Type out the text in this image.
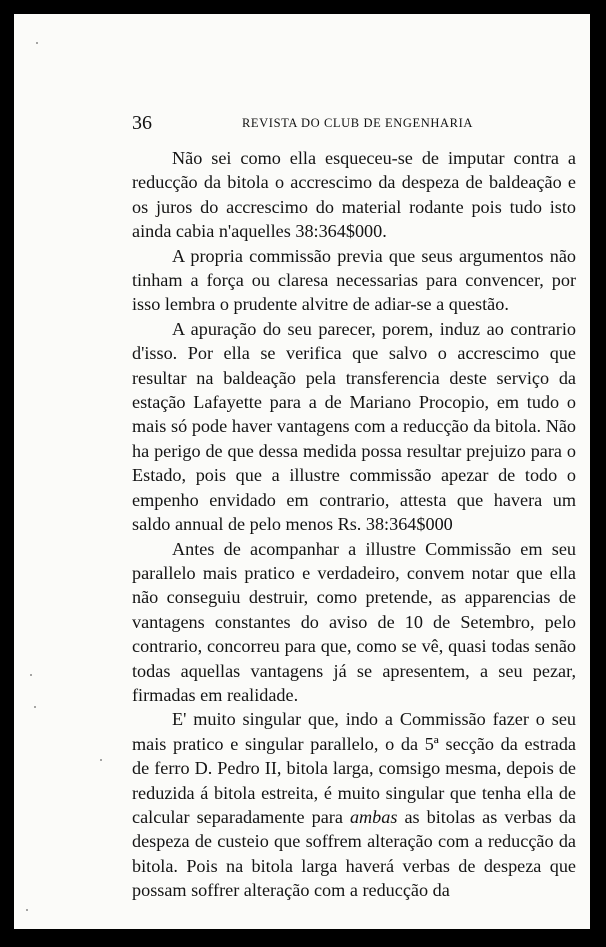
36	REVISTA DO CLUB DE ENGENHARIA

Não sei como ella esqueceu-se de imputar contra a reducção da bitola o accrescimo da despeza de baldeação e os juros do accrescimo do material rodante pois tudo isto ainda cabia n'aquelles 38:364$000.

A propria commissão previa que seus argumentos não tinham a força ou claresa necessarias para convencer, por isso lembra o prudente alvitre de adiar-se a questão.

A apuração do seu parecer, porem, induz ao contrario d'isso. Por ella se verifica que salvo o accrescimo que resultar na baldeação pela transferencia deste serviço da estação Lafayette para a de Mariano Procopio, em tudo o mais só pode haver vantagens com a reducção da bitola. Não ha perigo de que dessa medida possa resultar prejuizo para o Estado, pois que a illustre commissão apezar de todo o empenho envidado em contrario, attesta que havera um saldo annual de pelo menos Rs. 38:364$000

Antes de acompanhar a illustre Commissão em seu parallelo mais pratico e verdadeiro, convem notar que ella não conseguiu destruir, como pretende, as apparencias de vantagens constantes do aviso de 10 de Setembro, pelo contrario, concorreu para que, como se vê, quasi todas senão todas aquellas vantagens já se apresentem, a seu pezar, firmadas em realidade.

E' muito singular que, indo a Commissão fazer o seu mais pratico e singular parallelo, o da 5ª secção da estrada de ferro D. Pedro II, bitola larga, comsigo mesma, depois de reduzida á bitola estreita, é muito singular que tenha ella de calcular separadamente para ambas as bitolas as verbas da despeza de custeio que soffrem alteração com a reducção da bitola. Pois na bitola larga haverá verbas de despeza que possam soffrer alteração com a reducção da
